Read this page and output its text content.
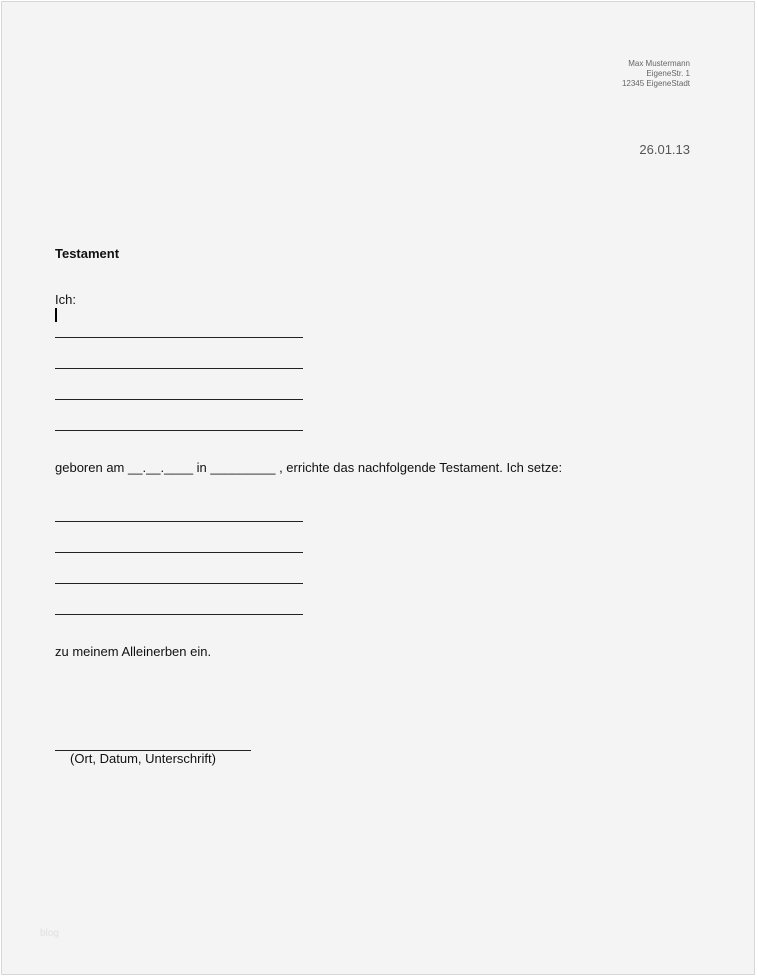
Max Mustermann
EigeneStr. 1
12345 EigeneStadt
26.01.13
Testament
Ich:
geboren am __.__.____ in _________ , errichte das nachfolgende Testament. Ich setze:
zu meinem Alleinerben ein.
(Ort, Datum, Unterschrift)
blog
